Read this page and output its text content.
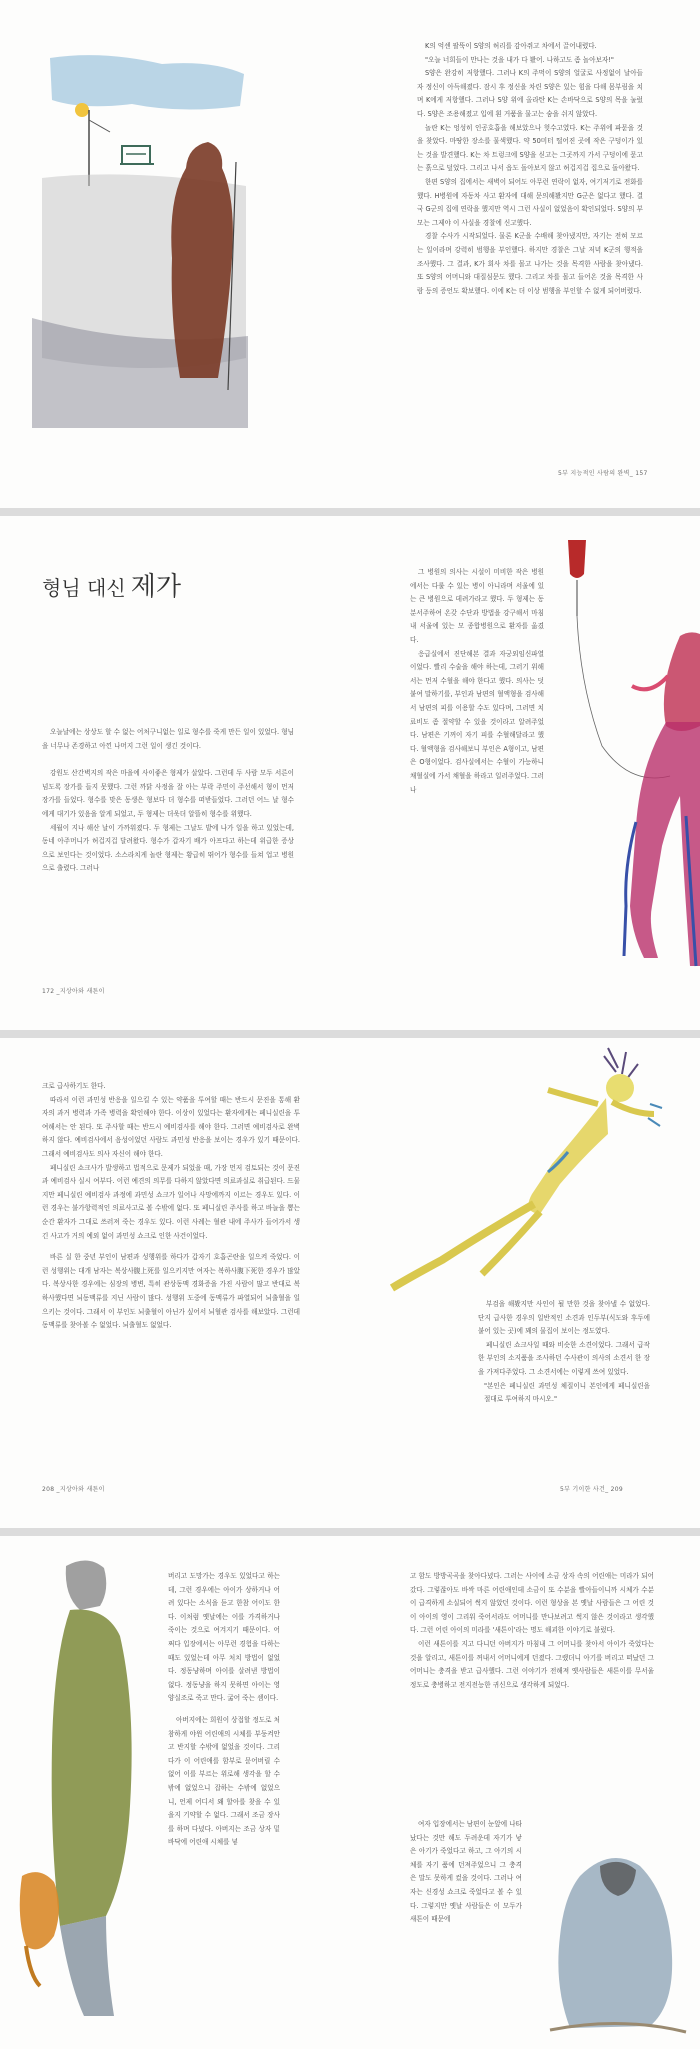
K의 억센 팔뚝이 S양의 허리를 감아쥐고 차에서 끌어내렸다.

"오늘 너희들이 만나는 것을 내가 다 봤어. 나하고도 좀 놀아보자!"

S양은 완강히 저항했다. 그러나 K의 주먹이 S양의 얼굴로 사정없이 날아들자 정신이 아득해졌다. 잠시 후 정신을 차린 S양은 있는 힘을 다해 몸부림을 치며 K에게 저항했다. 그러나 S양 위에 올라탄 K는 손바닥으로 S양의 목을 눌렀다. S양은 조용해졌고 입에 흰 거품을 물고는 숨을 쉬지 않았다.

놀란 K는 엉성히 인공호흡을 해보았으나 헛수고였다. K는 주위에 파묻을 것을 찾았다. 마땅한 장소를 물색했다. 약 50미터 떨어진 곳에 작은 구덩이가 있는 것을 발견했다. K는 차 트렁크에 S양을 싣고는 그곳까지 가서 구덩이에 묻고는 흙으로 덮었다. 그리고 나서 읍도 돌아보지 않고 허겁지겁 집으로 돌아왔다.

한편 S양의 집에서는 새벽이 되어도 아무런 연락이 없자, 여기저기로 전화를 했다. H병원에 자동차 사고 환자에 대해 문의해봤지만 G군은 없다고 했다. 결국 G군의 집에 연락을 했지만 역시 그런 사실이 없었음이 확인되었다. S양의 부모는 그제야 이 사실을 경찰에 신고했다.

경찰 수사가 시작되었다. 물론 K군을 수배해 찾아냈지만, 자기는 전혀 모르는 일이라며 강력히 범행을 부인했다. 하지만 경찰은 그날 저녁 K군의 행적을 조사했다. 그 결과, K가 회사 차를 몰고 나가는 것을 목격한 사람을 찾아냈다. 또 S양의 어머니와 대질심문도 했다. 그리고 차를 몰고 들어온 것을 목격한 사람 등의 증언도 확보했다. 이에 K는 더 이상 범행을 부인할 수 없게 되어버렸다.

5부 지능적인 사람의 완벽_ 157
형님 대신 제가

오늘날에는 상상도 할 수 없는 어처구니없는 일로 형수를 죽게 만든 일이 있었다. 형님을 너무나 존경하고 아낀 나머지 그런 일이 생긴 것이다.

강원도 산간벽지의 작은 마을에 사이좋은 형제가 살았다. 그런데 두 사람 모두 서른이 넘도록 장가를 들지 못했다. 그런 까닭 사정을 잘 아는 부락 주민이 주선해서 형이 먼저 장가를 들었다. 형수를 맞은 동생은 형보다 더 형수를 떠받들었다. 그러던 어느 날 형수에게 대기가 있음을 알게 되었고, 두 형제는 더욱더 알뜰히 형수를 위했다.

세월이 지나 해산 날이 가까워졌다. 두 형제는 그날도 밭에 나가 일을 하고 있었는데, 동네 아주머니가 허겁지겁 달려왔다. 형수가 갑자기 배가 아프다고 하는데 위급한 증상으로 보인다는 것이었다. 소스라치게 놀란 형제는 황급히 뛰어가 형수를 들쳐 업고 병원으로 출렸다. 그러나

172 _지상아와 새튼이

그 병원의 의사는 시설이 미비한 작은 병원에서는 다룰 수 있는 병이 아니라며 서울에 있는 큰 병원으로 데려가라고 했다. 두 형제는 동분서주하여 온갖 수단과 방법을 강구해서 마침내 서울에 있는 모 종합병원으로 환자를 옮겼다.

응급실에서 진단해본 결과 자궁외임신파열이었다. 빨리 수술을 해야 하는데, 그러기 위해서는 먼저 수혈을 해야 한다고 했다. 의사는 덧붙여 말하기를, 부인과 남편의 혈액형을 검사해서 남편의 피를 이용할 수도 있다며, 그러면 치료비도 좀 절약할 수 있을 것이라고 알려주었다. 남편은 기꺼이 자기 피를 수혈해달라고 했다. 혈액형을 검사해보니 부인은 A형이고, 남편은 O형이었다. 검사실에서는 수혈이 가능하니 채혈실에 가서 채혈을 하라고 일러주었다. 그러나

크로 급사하기도 한다.

따라서 이런 과민성 반응을 일으킬 수 있는 약품을 투여할 때는 반드시 문진을 통해 환자의 과거 병력과 가족 병력을 확인해야 한다. 이상이 있었다는 환자에게는 페니실린을 투여해서는 안 된다. 또 주사할 때는 반드시 예비검사를 해야 한다. 그러면 예비검사로 완벽하지 않다. 예비검사에서 음성이었던 사람도 과민성 반응을 보이는 경우가 있기 때문이다. 그래서 예비검사도 의사 자신이 해야 한다.

페니실린 쇼크사가 발생하고 법적으로 문제가 되었을 때, 가장 먼저 검토되는 것이 문진과 예비검사 실시 여부다. 이런 예견의 의무를 다하지 않았다면 의료과실로 취급된다. 드물지만 페니실린 예비검사 과정에 과민성 쇼크가 일어나 사망에까지 이르는 경우도 있다. 이런 경우는 불가항력적인 의료사고로 볼 수밖에 없다. 또 페니실린 주사를 하고 바늘을 뽑는 순간 환자가 그대로 쓰러져 죽는 경우도 있다. 이런 사례는 혈관 내에 주사가 들어가서 생긴 사고가 거의 예외 없이 과민성 쇼크로 인한 사건이었다.

바른 실 한 중년 부인이 남편과 성행위를 하다가 갑자기 호흡곤란을 일으켜 죽었다. 이런 성행위는 대개 남자는 복상사腹上死를 일으키지만 여자는 복하사腹下死한 경우가 많았다. 복상사한 경우에는 심장의 병변, 특히 관상동맥 경화증을 가진 사람이 많고 반대로 복하사했다면 뇌동맥류를 지닌 사람이 많다. 성행위 도중에 동맥류가 파열되어 뇌출혈을 일으키는 것이다. 그래서 이 부인도 뇌출혈이 아닌가 싶어서 뇌혈관 검사를 해보았다. 그런데 동맥류를 찾아볼 수 없었다. 뇌출혈도 없었다.

208 _지상아와 새튼이

부검을 해봤지만 사인이 될 만한 것을 찾아낼 수 없었다. 단지 급사한 경우의 일반적인 소견과 인두부(식도와 후두에 붙어 있는 곳)에 꽤의 물집이 보이는 정도였다.

페니실린 쇼크사일 때와 비슷한 소견이었다. 그래서 급작한 부인의 소지품을 조사하던 수사관이 의사의 소견서 한 장을 가져다주었다. 그 소견서에는 이렇게 쓰여 있었다.

"본인은 페니실린 과민성 체질이니 본인에게 페니실린을 절대로 투여하지 마시오."

5부 기이한 사건_ 209

버리고 도망가는 경우도 있었다고 하는데, 그런 경우에는 아이가 상하거나 어려 있다는 소식을 듣고 한참 어이도 한다. 이처럼 옛날에는 이를 가격하거나 죽이는 것으로 여겨지기 때문이다. 어쩌다 입장에서는 아무런 경험을 다하는 때도 있었는데 아무 처치 방법이 없었다. 정동냥하며 아이를 살려낸 방법이 없다. 정동냥을 하지 못하면 아이는 영양실조로 죽고 만다. 굶어 죽는 셈이다.

아버지에는 희원이 상접할 정도로 처참하게 야윈 어린애의 시체를 부둥켜안고 반지할 수밖에 없었을 것이다. 그리다가 이 어린애를 함부로 묻어버릴 수 없어 이를 부르는 위로해 생각을 할 수 밖에 없었으니 잡하는 수밖에 없었으니, 언제 어디서 왜 할아를 찾을 수 있을지 기약할 수 없다. 그래서 조금 장사를 하며 다녔다. 아버지는 조금 상자 밑바닥에 어린애 시체를 넣

고 함도 방방곡곡을 찾아다녔다. 그러는 사이에 소금 상자 속의 어린애는 미라가 되어갔다. 그렇잖아도 바싹 마른 어린애인데 소금이 또 수분을 빨아들이니까 시체가 수분이 급격하게 소실되어 썩지 않았던 것이다. 이런 형상을 본 옛날 사람들은 그 어린 것이 아이의 영이 그리워 죽어서라도 어머니를 만나보려고 썩지 않은 것이라고 생각했다. 그런 어린 아이의 미라를 '새튼이'라는 명도 해괴한 이야기로 불렀다.

이런 새튼이를 지고 다니던 아버지가 마침내 그 어머니를 찾아서 아이가 죽었다는 것을 알리고, 새튼이를 꺼내서 어머니에게 던졌다. 그랬더니 아기를 버리고 떠났던 그 어머니는 충격을 받고 급사했다. 그런 이야기가 전해져 옛사람들은 새튼이를 무서울 정도로 충병하고 전지전능한 귀신으로 생각하게 되었다.

여자 입장에서는 남편이 눈앞에 나타났다는 것만 해도 두려운데 자기가 낳은 아기가 죽었다고 하고, 그 아기의 시체를 자기 품에 던져주었으니 그 충격은 말도 못하게 컸을 것이다. 그러나 여자는 신경성 쇼크로 죽었다고 볼 수 있다. 그렇지만 옛날 사람들은 이 모두가 새튼이 때문에
